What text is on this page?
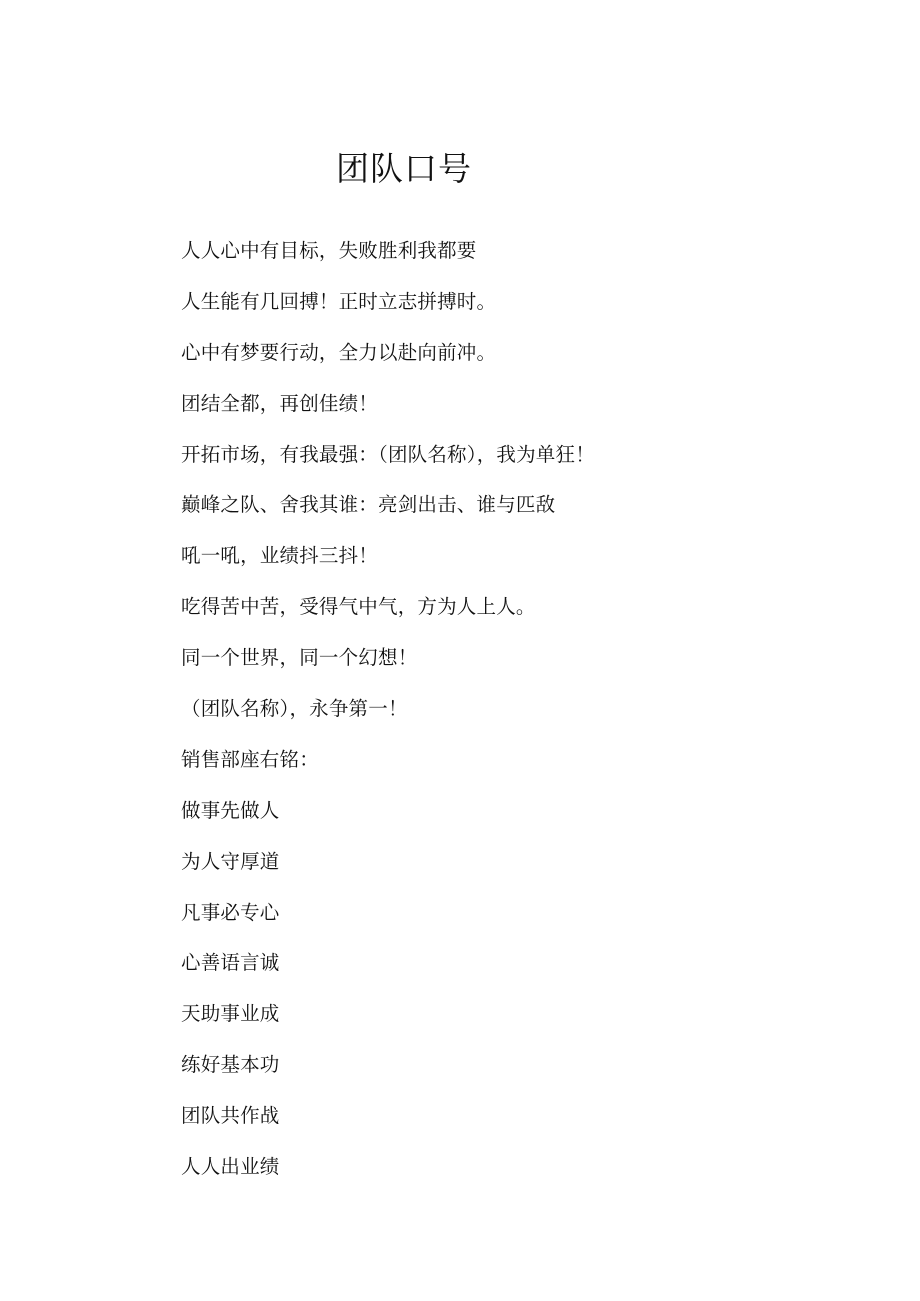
团队口号
人人心中有目标，失败胜利我都要
人生能有几回搏！正时立志拼搏时。
心中有梦要行动，全力以赴向前冲。
团结全都，再创佳绩！
开拓市场，有我最强：（团队名称），我为单狂！
巅峰之队、舍我其谁：亮剑出击、谁与匹敌
吼一吼，业绩抖三抖！
吃得苦中苦，受得气中气，方为人上人。
同一个世界，同一个幻想！
（团队名称），永争第一！
销售部座右铭：
做事先做人
为人守厚道
凡事必专心
心善语言诚
天助事业成
练好基本功
团队共作战
人人出业绩
